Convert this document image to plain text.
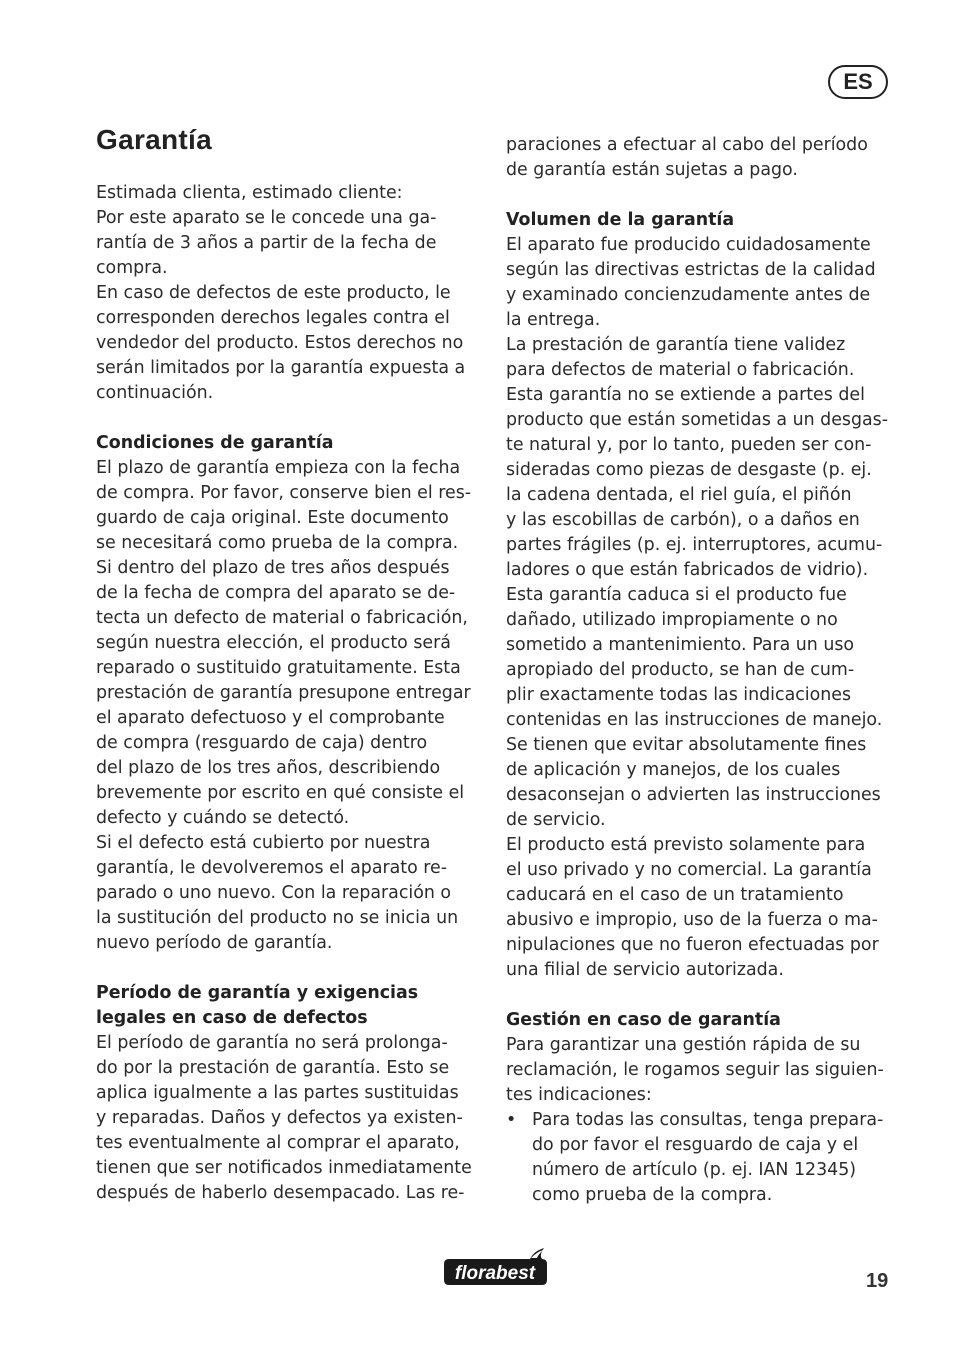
ES
Garantía

Estimada clienta, estimado cliente:
Por este aparato se le concede una ga-
rantía de 3 años a partir de la fecha de
compra.
En caso de defectos de este producto, le
corresponden derechos legales contra el
vendedor del producto. Estos derechos no
serán limitados por la garantía expuesta a
continuación.

Condiciones de garantía

El plazo de garantía empieza con la fecha
de compra. Por favor, conserve bien el res-
guardo de caja original. Este documento
se necesitará como prueba de la compra.
Si dentro del plazo de tres años después
de la fecha de compra del aparato se de-
tecta un defecto de material o fabricación,
según nuestra elección, el producto será
reparado o sustituido gratuitamente. Esta
prestación de garantía presupone entregar
el aparato defectuoso y el comprobante
de compra (resguardo de caja) dentro
del plazo de los tres años, describiendo
brevemente por escrito en qué consiste el
defecto y cuándo se detectó.
Si el defecto está cubierto por nuestra
garantía, le devolveremos el aparato re-
parado o uno nuevo. Con la reparación o
la sustitución del producto no se inicia un
nuevo período de garantía.

Período de garantía y exigencias
legales en caso de defectos

El período de garantía no será prolonga-
do por la prestación de garantía. Esto se
aplica igualmente a las partes sustituidas
y reparadas. Daños y defectos ya existen-
tes eventualmente al comprar el aparato,
tienen que ser notificados inmediatamente
después de haberlo desempacado. Las re-

paraciones a efectuar al cabo del período
de garantía están sujetas a pago.

Volumen de la garantía

El aparato fue producido cuidadosamente
según las directivas estrictas de la calidad
y examinado concienzudamente antes de
la entrega.
La prestación de garantía tiene validez
para defectos de material o fabricación.
Esta garantía no se extiende a partes del
producto que están sometidas a un desgas-
te natural y, por lo tanto, pueden ser con-
sideradas como piezas de desgaste (p. ej.
la cadena dentada, el riel guía, el piñón
y las escobillas de carbón), o a daños en
partes frágiles (p. ej. interruptores, acumu-
ladores o que están fabricados de vidrio).
Esta garantía caduca si el producto fue
dañado, utilizado impropiamente o no
sometido a mantenimiento. Para un uso
apropiado del producto, se han de cum-
plir exactamente todas las indicaciones
contenidas en las instrucciones de manejo.
Se tienen que evitar absolutamente fines
de aplicación y manejos, de los cuales
desaconsejan o advierten las instrucciones
de servicio.
El producto está previsto solamente para
el uso privado y no comercial. La garantía
caducará en el caso de un tratamiento
abusivo e impropio, uso de la fuerza o ma-
nipulaciones que no fueron efectuadas por
una filial de servicio autorizada.

Gestión en caso de garantía

Para garantizar una gestión rápida de su
reclamación, le rogamos seguir las siguien-
tes indicaciones:

• Para todas las consultas, tenga prepara-
do por favor el resguardo de caja y el
número de artículo (p. ej. IAN 12345)
como prueba de la compra.

florabest	19
